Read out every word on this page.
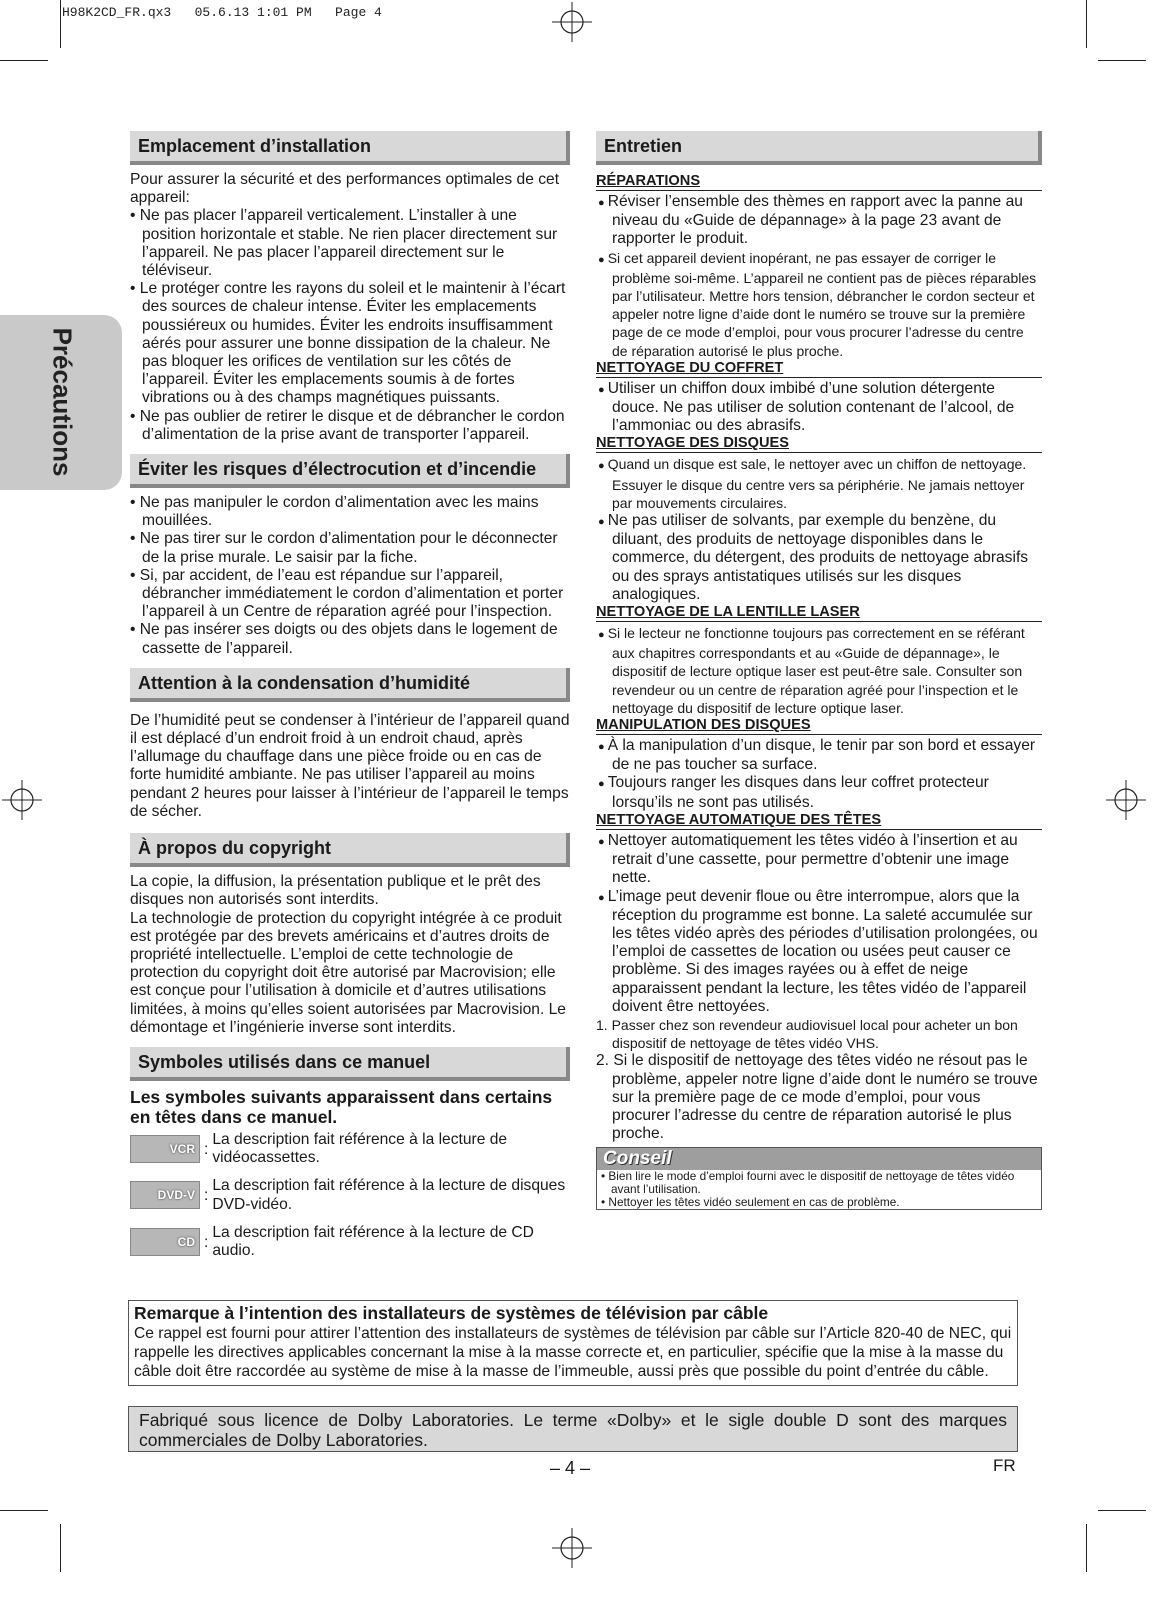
H98K2CD_FR.qx3   05.6.13 1:01 PM   Page 4
Précautions
Emplacement d’installation

Pour assurer la sécurité et des performances optimales de cet appareil:

• Ne pas placer l’appareil verticalement. L’installer à une position horizontale et stable. Ne rien placer directement sur l’appareil. Ne pas placer l’appareil directement sur le téléviseur.

• Le protéger contre les rayons du soleil et le maintenir à l’écart des sources de chaleur intense. Éviter les emplacements poussiéreux ou humides. Éviter les endroits insuffisamment aérés pour assurer une bonne dissipation de la chaleur. Ne pas bloquer les orifices de ventilation sur les côtés de l’appareil. Éviter les emplacements soumis à de fortes vibrations ou à des champs magnétiques puissants.

• Ne pas oublier de retirer le disque et de débrancher le cordon d’alimentation de la prise avant de transporter l’appareil.

Éviter les risques d’électrocution et d’incendie

• Ne pas manipuler le cordon d’alimentation avec les mains mouillées.

• Ne pas tirer sur le cordon d’alimentation pour le déconnecter de la prise murale. Le saisir par la fiche.

• Si, par accident, de l’eau est répandue sur l’appareil, débrancher immédiatement le cordon d’alimentation et porter l’appareil à un Centre de réparation agréé pour l’inspection.

• Ne pas insérer ses doigts ou des objets dans le logement de cassette de l’appareil.

Attention à la condensation d’humidité

De l’humidité peut se condenser à l’intérieur de l’appareil quand il est déplacé d’un endroit froid à un endroit chaud, après l’allumage du chauffage dans une pièce froide ou en cas de forte humidité ambiante. Ne pas utiliser l’appareil au moins pendant 2 heures pour laisser à l’intérieur de l’appareil le temps de sécher.

À propos du copyright

La copie, la diffusion, la présentation publique et le prêt des disques non autorisés sont interdits.

La technologie de protection du copyright intégrée à ce produit est protégée par des brevets américains et d’autres droits de propriété intellectuelle. L’emploi de cette technologie de protection du copyright doit être autorisé par Macrovision; elle est conçue pour l’utilisation à domicile et d’autres utilisations limitées, à moins qu’elles soient autorisées par Macrovision. Le démontage et l’ingénierie inverse sont interdits.

Symboles utilisés dans ce manuel

Les symboles suivants apparaissent dans certains en têtes dans ce manuel.

VCR :
La description fait référence à la lecture de vidéocassettes.
DVD-V :
La description fait référence à la lecture de disques DVD-vidéo.
CD :
La description fait référence à la lecture de CD audio.
Entretien
RÉPARATIONS

● Réviser l’ensemble des thèmes en rapport avec la panne au niveau du «Guide de dépannage» à la page 23 avant de rapporter le produit.

● Si cet appareil devient inopérant, ne pas essayer de corriger le problème soi-même. L’appareil ne contient pas de pièces réparables par l’utilisateur. Mettre hors tension, débrancher le cordon secteur et appeler notre ligne d’aide dont le numéro se trouve sur la première page de ce mode d’emploi, pour vous procurer l’adresse du centre de réparation autorisé le plus proche.

NETTOYAGE DU COFFRET

● Utiliser un chiffon doux imbibé d’une solution détergente douce. Ne pas utiliser de solution contenant de l’alcool, de l’ammoniac ou des abrasifs.

NETTOYAGE DES DISQUES

● Quand un disque est sale, le nettoyer avec un chiffon de nettoyage. Essuyer le disque du centre vers sa périphérie. Ne jamais nettoyer par mouvements circulaires.

● Ne pas utiliser de solvants, par exemple du benzène, du diluant, des produits de nettoyage disponibles dans le commerce, du détergent, des produits de nettoyage abrasifs ou des sprays antistatiques utilisés sur les disques analogiques.

NETTOYAGE DE LA LENTILLE LASER

● Si le lecteur ne fonctionne toujours pas correctement en se référant aux chapitres correspondants et au «Guide de dépannage», le dispositif de lecture optique laser est peut-être sale. Consulter son revendeur ou un centre de réparation agréé pour l’inspection et le nettoyage du dispositif de lecture optique laser.

MANIPULATION DES DISQUES

● À la manipulation d’un disque, le tenir par son bord et essayer de ne pas toucher sa surface.

● Toujours ranger les disques dans leur coffret protecteur lorsqu’ils ne sont pas utilisés.

NETTOYAGE AUTOMATIQUE DES TÊTES

● Nettoyer automatiquement les têtes vidéo à l’insertion et au retrait d’une cassette, pour permettre d’obtenir une image nette.

● L’image peut devenir floue ou être interrompue, alors que la réception du programme est bonne. La saleté accumulée sur les têtes vidéo après des périodes d’utilisation prolongées, ou l’emploi de cassettes de location ou usées peut causer ce problème. Si des images rayées ou à effet de neige apparaissent pendant la lecture, les têtes vidéo de l’appareil doivent être nettoyées.

1. Passer chez son revendeur audiovisuel local pour acheter un bon dispositif de nettoyage de têtes vidéo VHS.

2. Si le dispositif de nettoyage des têtes vidéo ne résout pas le problème, appeler notre ligne d’aide dont le numéro se trouve sur la première page de ce mode d’emploi, pour vous procurer l’adresse du centre de réparation autorisé le plus proche.

Conseil
• Bien lire le mode d’emploi fourni avec le dispositif de nettoyage de têtes vidéo avant l’utilisation.
• Nettoyer les têtes vidéo seulement en cas de problème.
Remarque à l’intention des installateurs de systèmes de télévision par câble
Ce rappel est fourni pour attirer l’attention des installateurs de systèmes de télévision par câble sur l’Article 820-40 de NEC, qui rappelle les directives applicables concernant la mise à la masse correcte et, en particulier, spécifie que la mise à la masse du câble doit être raccordée au système de mise à la masse de l’immeuble, aussi près que possible du point d’entrée du câble.
Fabriqué sous licence de Dolby Laboratories. Le terme «Dolby» et le sigle double D sont des marques commerciales de Dolby Laboratories.
– 4 –	FR
